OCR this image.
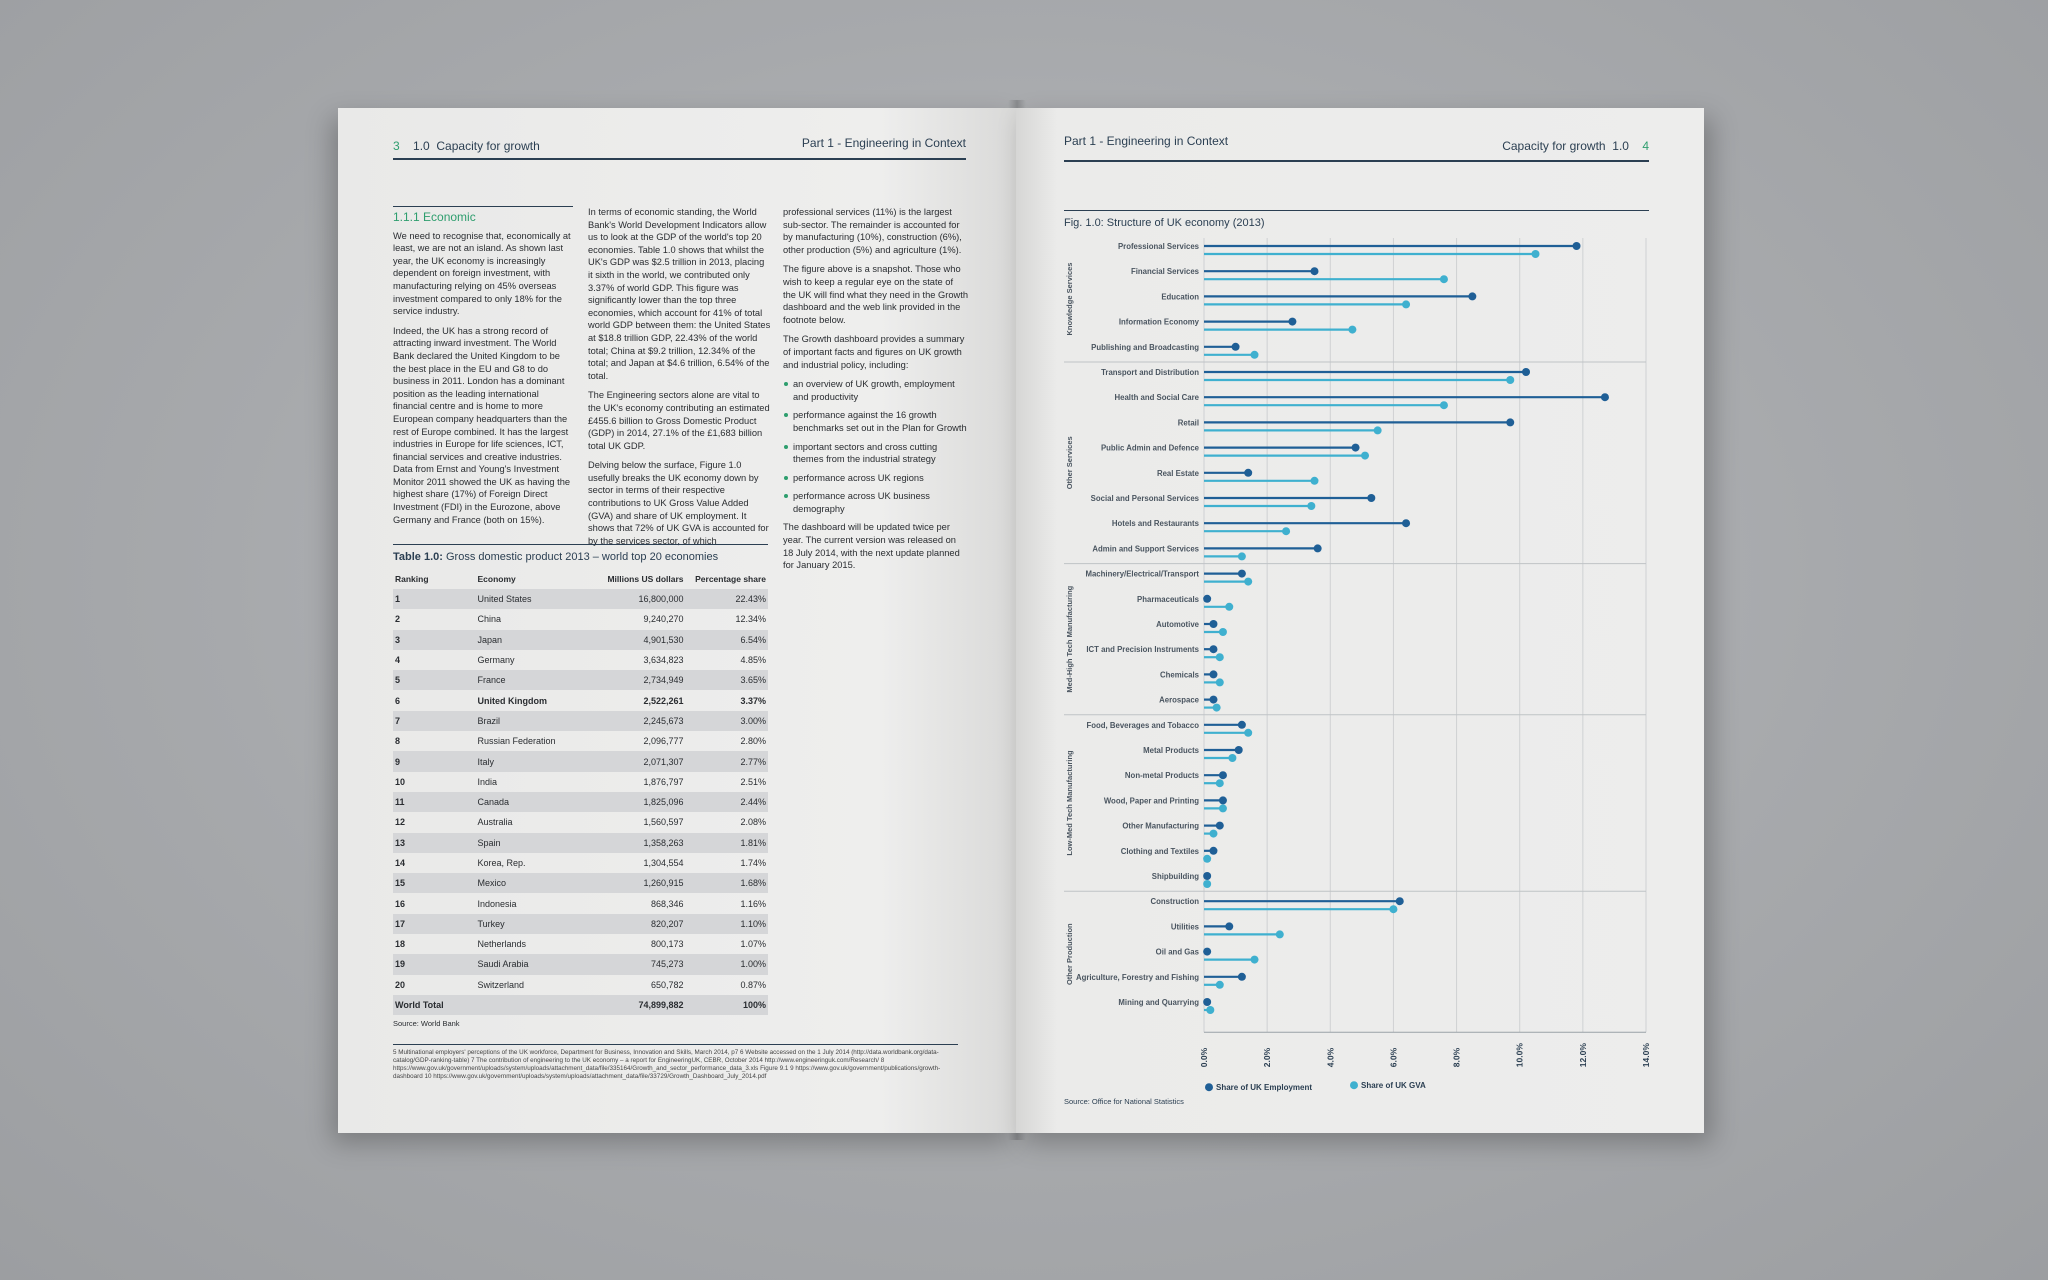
3 1.0 Capacity for growth	Part 1 - Engineering in Context
1.1.1 Economic

We need to recognise that, economically at least, we are not an island. As shown last year, the UK economy is increasingly dependent on foreign investment, with manufacturing relying on 45% overseas investment compared to only 18% for the service industry.

Indeed, the UK has a strong record of attracting inward investment. The World Bank declared the United Kingdom to be the best place in the EU and G8 to do business in 2011. London has a dominant position as the leading international financial centre and is home to more European company headquarters than the rest of Europe combined. It has the largest industries in Europe for life sciences, ICT, financial services and creative industries. Data from Ernst and Young's Investment Monitor 2011 showed the UK as having the highest share (17%) of Foreign Direct Investment (FDI) in the Eurozone, above Germany and France (both on 15%).

In terms of economic standing, the World Bank's World Development Indicators allow us to look at the GDP of the world's top 20 economies. Table 1.0 shows that whilst the UK's GDP was $2.5 trillion in 2013, placing it sixth in the world, we contributed only 3.37% of world GDP. This figure was significantly lower than the top three economies, which account for 41% of total world GDP between them: the United States at $18.8 trillion GDP, 22.43% of the world total; China at $9.2 trillion, 12.34% of the total; and Japan at $4.6 trillion, 6.54% of the total.

The Engineering sectors alone are vital to the UK's economy contributing an estimated £455.6 billion to Gross Domestic Product (GDP) in 2014, 27.1% of the £1,683 billion total UK GDP.

Delving below the surface, Figure 1.0 usefully breaks the UK economy down by sector in terms of their respective contributions to UK Gross Value Added (GVA) and share of UK employment. It shows that 72% of UK GVA is accounted for by the services sector, of which

professional services (11%) is the largest sub-sector. The remainder is accounted for by manufacturing (10%), construction (6%), other production (5%) and agriculture (1%).

The figure above is a snapshot. Those who wish to keep a regular eye on the state of the UK will find what they need in the Growth dashboard and the web link provided in the footnote below.

The Growth dashboard provides a summary of important facts and figures on UK growth and industrial policy, including:

an overview of UK growth, employment and productivity
performance against the 16 growth benchmarks set out in the Plan for Growth
important sectors and cross cutting themes from the industrial strategy
performance across UK regions
performance across UK business demography

The dashboard will be updated twice per year. The current version was released on 18 July 2014, with the next update planned for January 2015.

Table 1.0: Gross domestic product 2013 – world top 20 economies
Ranking	Economy	Millions US dollars	Percentage share
1	United States	16,800,000	22.43%
2	China	9,240,270	12.34%
3	Japan	4,901,530	6.54%
4	Germany	3,634,823	4.85%
5	France	2,734,949	3.65%
6	United Kingdom	2,522,261	3.37%
7	Brazil	2,245,673	3.00%
8	Russian Federation	2,096,777	2.80%
9	Italy	2,071,307	2.77%
10	India	1,876,797	2.51%
11	Canada	1,825,096	2.44%
12	Australia	1,560,597	2.08%
13	Spain	1,358,263	1.81%
14	Korea, Rep.	1,304,554	1.74%
15	Mexico	1,260,915	1.68%
16	Indonesia	868,346	1.16%
17	Turkey	820,207	1.10%
18	Netherlands	800,173	1.07%
19	Saudi Arabia	745,273	1.00%
20	Switzerland	650,782	0.87%
World Total		74,899,882	100%
Source: World Bank
5 Multinational employers' perceptions of the UK workforce, Department for Business, Innovation and Skills, March 2014, p7 6 Website accessed on the 1 July 2014 (http://data.worldbank.org/data-catalog/GDP-ranking-table) 7 The contribution of engineering to the UK economy – a report for EngineeringUK, CEBR, October 2014 http://www.engineeringuk.com/Research/ 8 https://www.gov.uk/government/uploads/system/uploads/attachment_data/file/335164/Growth_and_sector_performance_data_3.xls Figure 9.1 9 https://www.gov.uk/government/publications/growth-dashboard 10 https://www.gov.uk/government/uploads/system/uploads/attachment_data/file/33729/Growth_Dashboard_July_2014.pdf
Part 1 - Engineering in Context	Capacity for growth 1.0 4
Fig. 1.0: Structure of UK economy (2013)
0.0%	2.0%	4.0%	6.0%	8.0%	10.0%	12.0%	14.0%
Knowledge Services
Professional Services
Financial Services
Education
Information Economy
Publishing and Broadcasting
Other Services
Transport and Distribution
Health and Social Care
Retail
Public Admin and Defence
Real Estate
Social and Personal Services
Hotels and Restaurants
Admin and Support Services
Med-High Tech Manufacturing
Machinery/Electrical/Transport
Pharmaceuticals
Automotive
ICT and Precision Instruments
Chemicals
Aerospace
Low-Med Tech Manufacturing
Food, Beverages and Tobacco
Metal Products
Non-metal Products
Wood, Paper and Printing
Other Manufacturing
Clothing and Textiles
Shipbuilding
Other Production
Construction
Utilities
Oil and Gas
Agriculture, Forestry and Fishing
Mining and Quarrying
Share of UK Employment	Share of UK GVA
Source: Office for National Statistics
